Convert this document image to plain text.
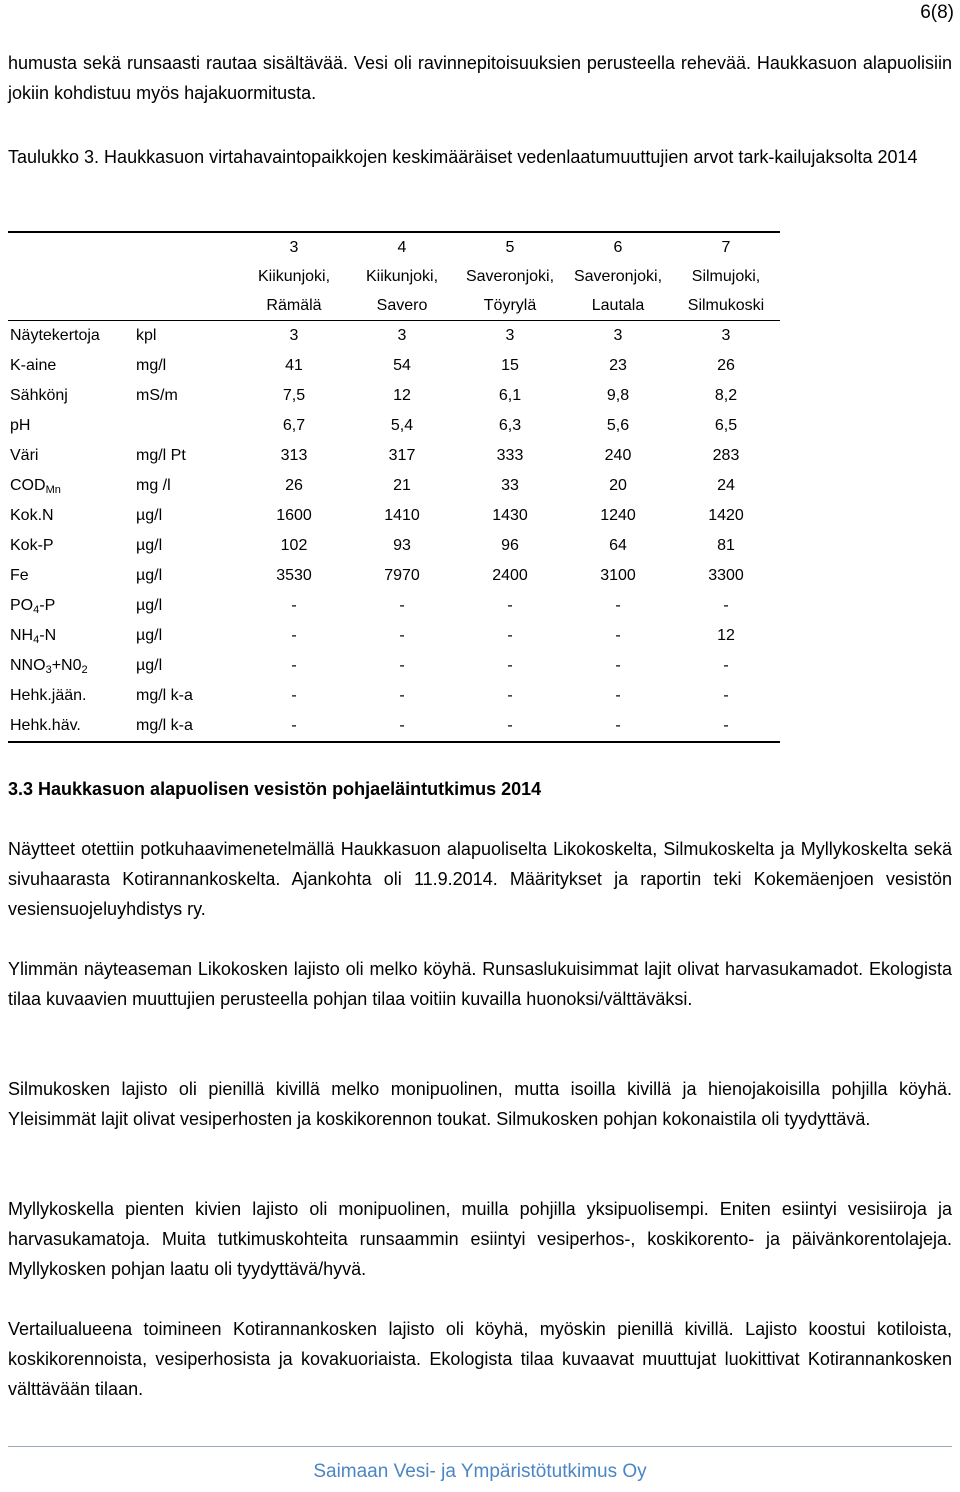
6(8)

humusta sekä runsaasti rautaa sisältävää. Vesi oli ravinnepitoisuuksien perusteella rehevää. Haukkasuon alapuolisiin jokiin kohdistuu myös hajakuormitusta.

Taulukko 3. Haukkasuon virtahavaintopaikkojen keskimääräiset vedenlaatumuuttujien arvot tark-kailujaksolta 2014

		3	4	5	6	7
		Kiikunjoki,	Kiikunjoki,	Saveronjoki,	Saveronjoki,	Silmujoki,
		Rämälä	Savero	Töyrylä	Lautala	Silmukoski
Näytekertoja	kpl	3	3	3	3	3
K-aine	mg/l	41	54	15	23	26
Sähkönj	mS/m	7,5	12	6,1	9,8	8,2
pH		6,7	5,4	6,3	5,6	6,5
Väri	mg/l Pt	313	317	333	240	283
$COD_{Mn}$	mg /l	26	21	33	20	24
Kok.N	µg/l	1600	1410	1430	1240	1420
Kok-P	µg/l	102	93	96	64	81
Fe	µg/l	3530	7970	2400	3100	3300
$PO_4-P$	µg/l	-	-	-	-	-
$NH_4-N$	µg/l	-	-	-	-	12
$NNO_3+N0_2$	µg/l	-	-	-	-	-
Hehk.jään.	mg/l k-a	-	-	-	-	-
Hehk.häv.	mg/l k-a	-	-	-	-	-

3.3 Haukkasuon alapuolisen vesistön pohjaeläintutkimus 2014

Näytteet otettiin potkuhaavimenetelmällä Haukkasuon alapuoliselta Likokoskelta, Silmukoskelta ja Myllykoskelta sekä sivuhaarasta Kotirannankoskelta. Ajankohta oli 11.9.2014. Määritykset ja raportin teki Kokemäenjoen vesistön vesiensuojeluyhdistys ry.

Ylimmän näyteaseman Likokosken lajisto oli melko köyhä. Runsaslukuisimmat lajit olivat harvasukamadot. Ekologista tilaa kuvaavien muuttujien perusteella pohjan tilaa voitiin kuvailla huonoksi/välttäväksi.

Silmukosken lajisto oli pienillä kivillä melko monipuolinen, mutta isoilla kivillä ja hienojakoisilla pohjilla köyhä. Yleisimmät lajit olivat vesiperhosten ja koskikorennon toukat. Silmukosken pohjan kokonaistila oli tyydyttävä.

Myllykoskella pienten kivien lajisto oli monipuolinen, muilla pohjilla yksipuolisempi. Eniten esiintyi vesisiiroja ja harvasukamatoja. Muita tutkimuskohteita runsaammin esiintyi vesiperhos-, koskikorento- ja päivänkorentolajeja. Myllykosken pohjan laatu oli tyydyttävä/hyvä.

Vertailualueena toimineen Kotirannankosken lajisto oli köyhä, myöskin pienillä kivillä. Lajisto koostui kotiloista, koskikorennoista, vesiperhosista ja kovakuoriaista. Ekologista tilaa kuvaavat muuttujat luokittivat Kotirannankosken välttävään tilaan.

Saimaan Vesi- ja Ympäristötutkimus Oy
